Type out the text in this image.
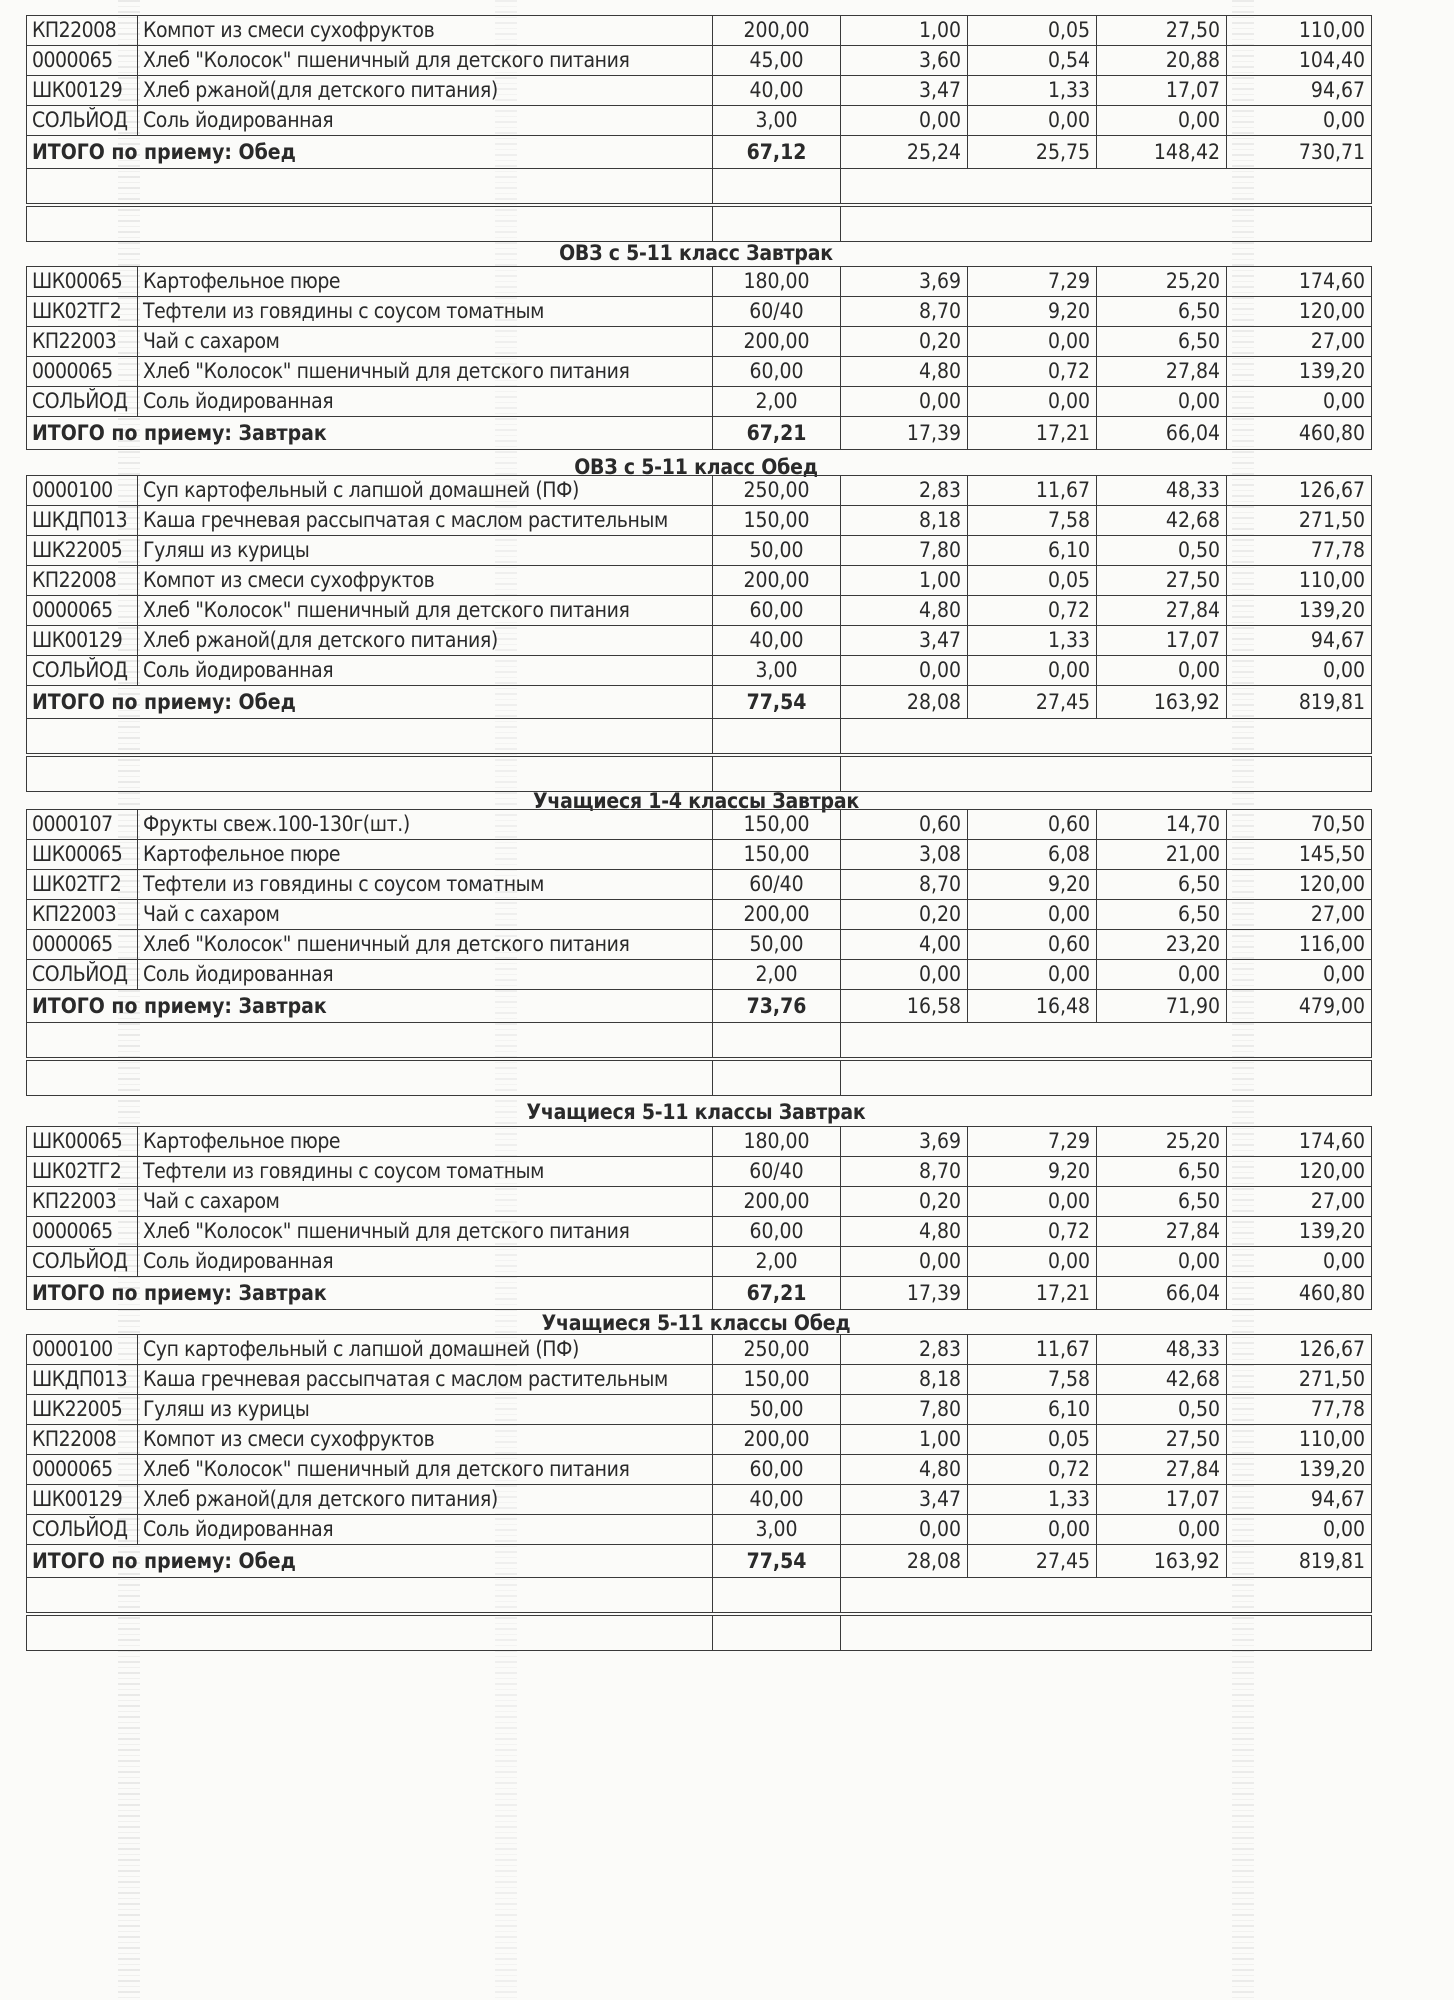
ОВЗ с 5-11 класс Завтрак
ОВЗ с 5-11 класс Обед
Учащиеся 1-4 классы Завтрак
Учащиеся 5-11 классы Завтрак
Учащиеся 5-11 классы Обед
КП22008	Компот из смеси сухофруктов	200,00	1,00	0,05	27,50	110,00
0000065	Хлеб "Колосок" пшеничный для детского питания	45,00	3,60	0,54	20,88	104,40
ШК00129	Хлеб ржаной(для детского питания)	40,00	3,47	1,33	17,07	94,67
СОЛЬЙОД	Соль йодированная	3,00	0,00	0,00	0,00	0,00
ИТОГО по приему: Обед		67,12	25,24	25,75	148,42	730,71

ШК00065	Картофельное пюре	180,00	3,69	7,29	25,20	174,60
ШК02ТГ2	Тефтели из говядины с соусом томатным	60/40	8,70	9,20	6,50	120,00
КП22003	Чай с сахаром	200,00	0,20	0,00	6,50	27,00
0000065	Хлеб "Колосок" пшеничный для детского питания	60,00	4,80	0,72	27,84	139,20
СОЛЬЙОД	Соль йодированная	2,00	0,00	0,00	0,00	0,00
ИТОГО по приему: Завтрак		67,21	17,39	17,21	66,04	460,80
0000100	Суп картофельный с лапшой домашней (ПФ)	250,00	2,83	11,67	48,33	126,67
ШКДП013	Каша гречневая рассыпчатая с маслом растительным	150,00	8,18	7,58	42,68	271,50
ШК22005	Гуляш из курицы	50,00	7,80	6,10	0,50	77,78
КП22008	Компот из смеси сухофруктов	200,00	1,00	0,05	27,50	110,00
0000065	Хлеб "Колосок" пшеничный для детского питания	60,00	4,80	0,72	27,84	139,20
ШК00129	Хлеб ржаной(для детского питания)	40,00	3,47	1,33	17,07	94,67
СОЛЬЙОД	Соль йодированная	3,00	0,00	0,00	0,00	0,00
ИТОГО по приему: Обед		77,54	28,08	27,45	163,92	819,81

0000107	Фрукты свеж.100-130г(шт.)	150,00	0,60	0,60	14,70	70,50
ШК00065	Картофельное пюре	150,00	3,08	6,08	21,00	145,50
ШК02ТГ2	Тефтели из говядины с соусом томатным	60/40	8,70	9,20	6,50	120,00
КП22003	Чай с сахаром	200,00	0,20	0,00	6,50	27,00
0000065	Хлеб "Колосок" пшеничный для детского питания	50,00	4,00	0,60	23,20	116,00
СОЛЬЙОД	Соль йодированная	2,00	0,00	0,00	0,00	0,00
ИТОГО по приему: Завтрак		73,76	16,58	16,48	71,90	479,00

ШК00065	Картофельное пюре	180,00	3,69	7,29	25,20	174,60
ШК02ТГ2	Тефтели из говядины с соусом томатным	60/40	8,70	9,20	6,50	120,00
КП22003	Чай с сахаром	200,00	0,20	0,00	6,50	27,00
0000065	Хлеб "Колосок" пшеничный для детского питания	60,00	4,80	0,72	27,84	139,20
СОЛЬЙОД	Соль йодированная	2,00	0,00	0,00	0,00	0,00
ИТОГО по приему: Завтрак		67,21	17,39	17,21	66,04	460,80
0000100	Суп картофельный с лапшой домашней (ПФ)	250,00	2,83	11,67	48,33	126,67
ШКДП013	Каша гречневая рассыпчатая с маслом растительным	150,00	8,18	7,58	42,68	271,50
ШК22005	Гуляш из курицы	50,00	7,80	6,10	0,50	77,78
КП22008	Компот из смеси сухофруктов	200,00	1,00	0,05	27,50	110,00
0000065	Хлеб "Колосок" пшеничный для детского питания	60,00	4,80	0,72	27,84	139,20
ШК00129	Хлеб ржаной(для детского питания)	40,00	3,47	1,33	17,07	94,67
СОЛЬЙОД	Соль йодированная	3,00	0,00	0,00	0,00	0,00
ИТОГО по приему: Обед		77,54	28,08	27,45	163,92	819,81
